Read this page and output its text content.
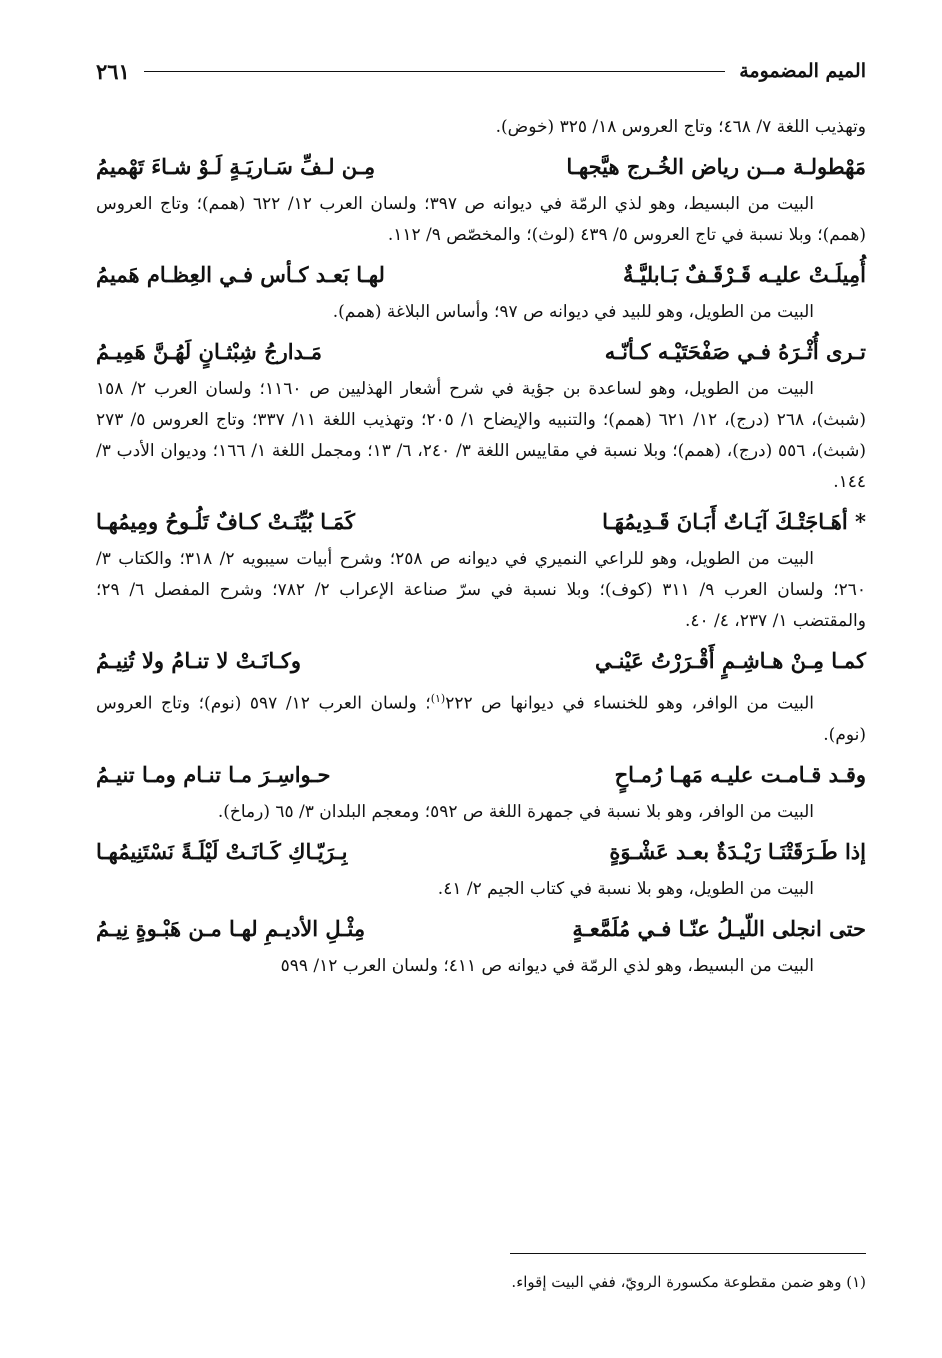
الميم المضمومة
٢٦١

وتهذيب اللغة ٧/ ٤٦٨؛ وتاج العروس ١٨/ ٣٢٥ (خوض).

مَهْطولـة مــن رياض الخُـرج هيَّجهـا
مِـن لـفِّ سَـاريَـةٍ لَـوْ شـاءَ تَهْميمُ

البيت من البسيط، وهو لذي الرمّة في ديوانه ص ٣٩٧؛ ولسان العرب ١٢/ ٦٢٢ (همم)؛ وتاج العروس (همم)؛ وبلا نسبة في تاج العروس ٥/ ٤٣٩ (لوث)؛ والمخصّص ٩/ ١١٢.

أُمِيلَـتْ عليـه قَـرْقَـفٌ بَـابليَّـةٌ
لهـا بَعـد كـأس فـي العِظـام هَميمُ

البيت من الطويل، وهو للبيد في ديوانه ص ٩٧؛ وأساس البلاغة (همم).

تـرى أُثْـرَهُ فـي صَفْحَتَيْـه كـأنّـه
مَـدارجُ شِبْثـانٍ لَهُـنَّ هَمِيـمُ

البيت من الطويل، وهو لساعدة بن جؤية في شرح أشعار الهذليين ص ١١٦٠؛ ولسان العرب ٢/ ١٥٨ (شبث)، ٢٦٨ (درج)، ١٢/ ٦٢١ (همم)؛ والتنبيه والإيضاح ١/ ٢٠٥؛ وتهذيب اللغة ١١/ ٣٣٧؛ وتاج العروس ٥/ ٢٧٣ (شبث)، ٥٥٦ (درج)، (همم)؛ وبلا نسبة في مقاييس اللغة ٣/ ٢٤٠، ٦/ ١٣؛ ومجمل اللغة ١/ ١٦٦؛ وديوان الأدب ٣/ ١٤٤.

* أهَـاجَتْـكَ آيَـاتٌ أَبَـانَ قَـدِيمُهَـا
كَمَـا بُيِّنَـتْ كـافٌ تَلُـوحُ ومِيمُهـا

البيت من الطويل، وهو للراعي النميري في ديوانه ص ٢٥٨؛ وشرح أبيات سيبويه ٢/ ٣١٨؛ والكتاب ٣/ ٢٦٠؛ ولسان العرب ٩/ ٣١١ (كوف)؛ وبلا نسبة في سرّ صناعة الإعراب ٢/ ٧٨٢؛ وشرح المفصل ٦/ ٢٩؛ والمقتضب ١/ ٢٣٧، ٤/ ٤٠.

كمـا مِـنْ هـاشِـمٍ أَقْـرَرْتُ عَيْنـي
وكـانَـتْ لا تنـامُ ولا تُنِيـمُ

البيت من الوافر، وهو للخنساء في ديوانها ص ٢٢٢$^{(١)}$؛ ولسان العرب ١٢/ ٥٩٧ (نوم)؛ وتاج العروس (نوم).

وقـد قـامـت عليـه مَهـا رُمـاحٍ
حـواسِـرَ مـا تنـام ومـا تنيـمُ

البيت من الوافر، وهو بلا نسبة في جمهرة اللغة ص ٥٩٢؛ ومعجم البلدان ٣/ ٦٥ (رماخ).

إذا طَـرَقَتْنَـا رَيْـدَةٌ بعـد عَشْـوَةٍ
بِـرَيّـاكِ كَـانَـتْ لَيْلَـةً نَسْتَنِيمُهـا

البيت من الطويل، وهو بلا نسبة في كتاب الجيم ٢/ ٤١.

حتى انجلى اللّيـلُ عنّـا فـي مُلَمَّعـةٍ
مِثْـلِ الأديـمِ لهـا مـن هَبْـوةٍ نِيـمُ

البيت من البسيط، وهو لذي الرمّة في ديوانه ص ٤١١؛ ولسان العرب ١٢/ ٥٩٩

(١) وهو ضمن مقطوعة مكسورة الرويّ، ففي البيت إقواء.
